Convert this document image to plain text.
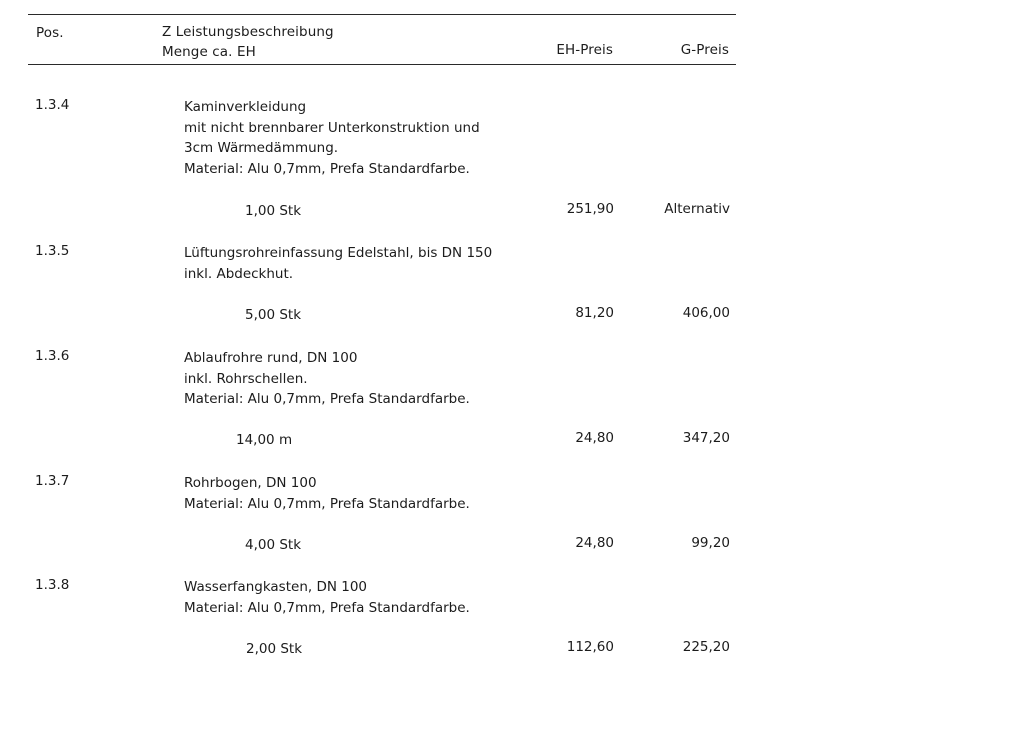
Pos.	Z Leistungsbeschreibung
Menge ca. EH	EH-Preis	G-Preis
1.3.4	Kaminverkleidung
mit nicht brennbarer Unterkonstruktion und
3cm Wärmedämmung.
Material: Alu 0,7mm, Prefa Standardfarbe.
1,00 Stk	251,90	Alternativ
1.3.5	Lüftungsrohreinfassung Edelstahl, bis DN 150
inkl. Abdeckhut.
5,00 Stk	81,20	406,00
1.3.6	Ablaufrohre rund, DN 100
inkl. Rohrschellen.
Material: Alu 0,7mm, Prefa Standardfarbe.
14,00 m	24,80	347,20
1.3.7	Rohrbogen, DN 100
Material: Alu 0,7mm, Prefa Standardfarbe.
4,00 Stk	24,80	99,20
1.3.8	Wasserfangkasten, DN 100
Material: Alu 0,7mm, Prefa Standardfarbe.
2,00 Stk	112,60	225,20
